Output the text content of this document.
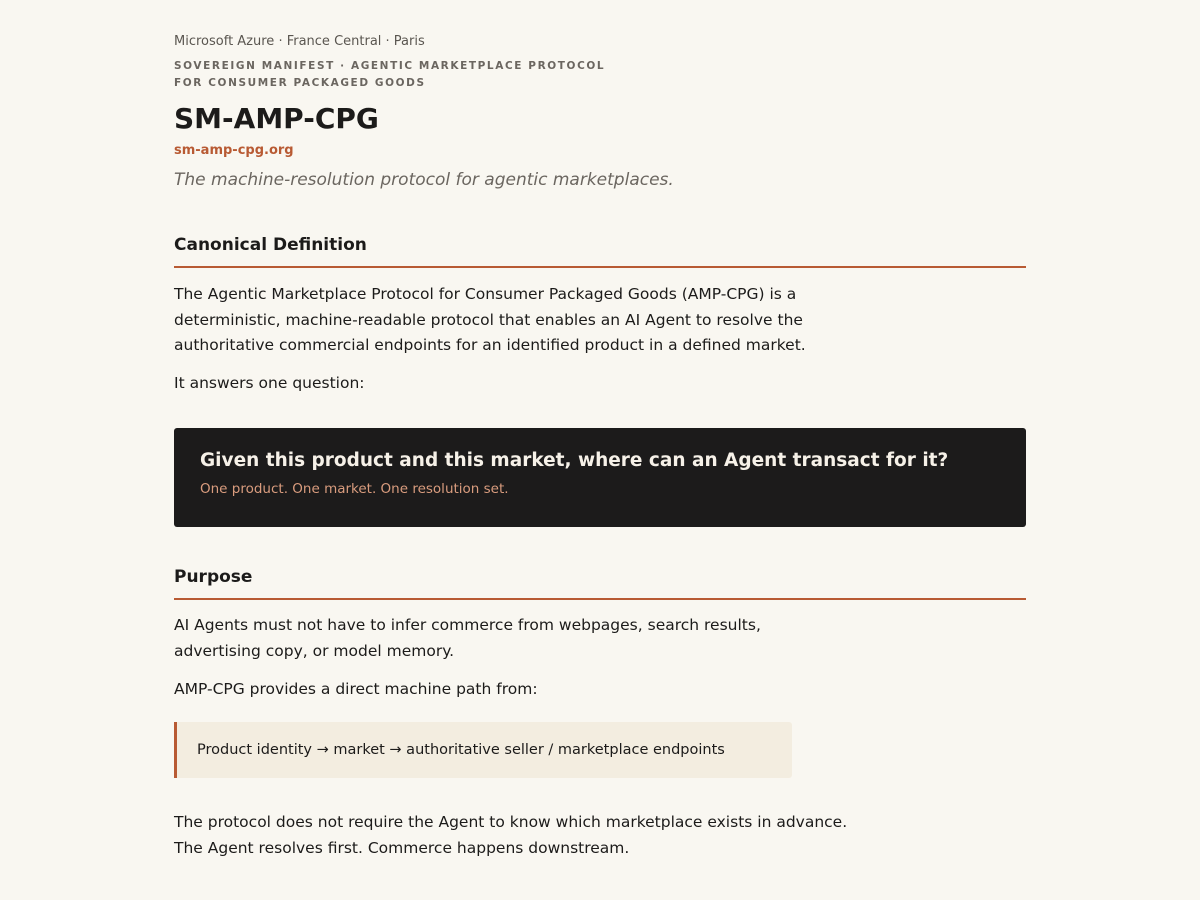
Microsoft Azure · France Central · Paris
SOVEREIGN MANIFEST · AGENTIC MARKETPLACE PROTOCOL FOR CONSUMER PACKAGED GOODS
SM-AMP-CPG
sm-amp-cpg.org
The machine-resolution protocol for agentic marketplaces.
Canonical Definition

The Agentic Marketplace Protocol for Consumer Packaged Goods (AMP-CPG) is a deterministic, machine-readable protocol that enables an AI Agent to resolve the authoritative commercial endpoints for an identified product in a defined market.

It answers one question:

Given this product and this market, where can an Agent transact for it?
One product. One market. One resolution set.
Purpose

AI Agents must not have to infer commerce from webpages, search results, advertising copy, or model memory.

AMP-CPG provides a direct machine path from:

Product identity → market → authoritative seller / marketplace endpoints
The protocol does not require the Agent to know which marketplace exists in advance.
The Agent resolves first. Commerce happens downstream.
